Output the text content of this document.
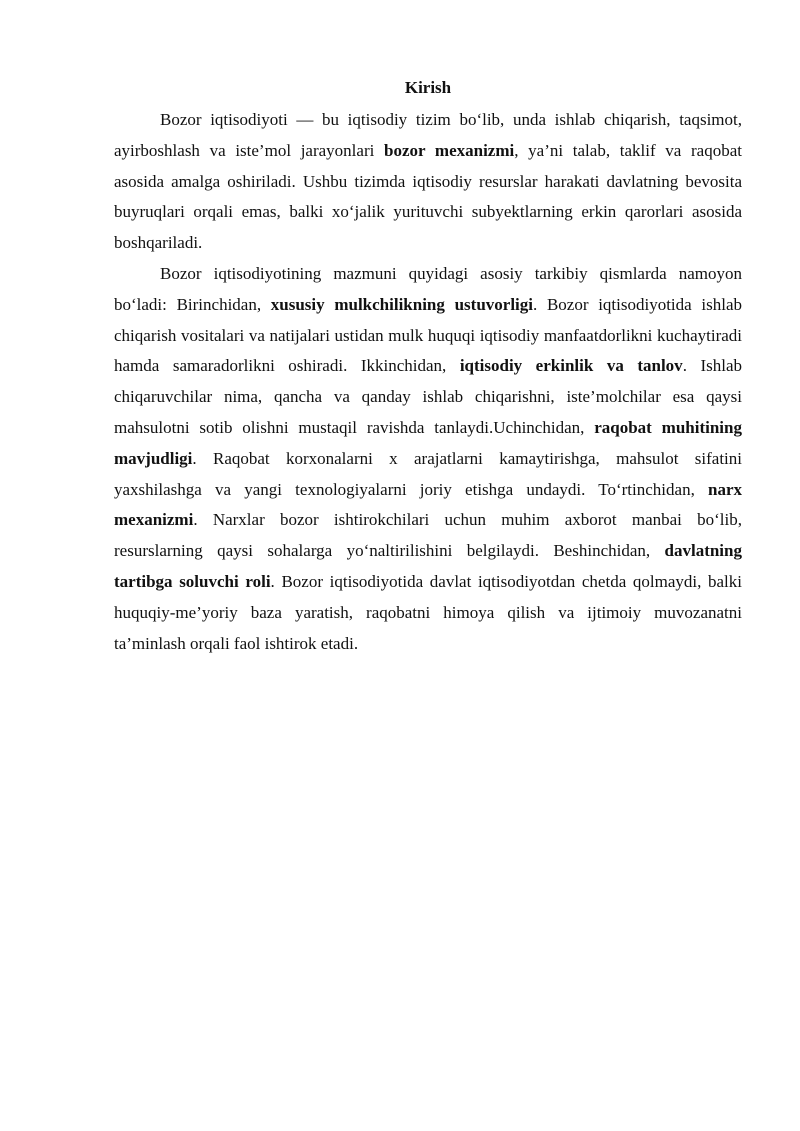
Kirish

Bozor iqtisodiyoti — bu iqtisodiy tizim bo‘lib, unda ishlab chiqarish, taqsimot, ayirboshlash va iste’mol jarayonlari bozor mexanizmi, ya’ni talab, taklif va raqobat asosida amalga oshiriladi. Ushbu tizimda iqtisodiy resurslar harakati davlatning bevosita buyruqlari orqali emas, balki xo‘jalik yurituvchi subyektlarning erkin qarorlari asosida boshqariladi.

Bozor iqtisodiyotining mazmuni quyidagi asosiy tarkibiy qismlarda namoyon bo‘ladi: Birinchidan, xususiy mulkchilikning ustuvorligi. Bozor iqtisodiyotida ishlab chiqarish vositalari va natijalari ustidan mulk huquqi iqtisodiy manfaatdorlikni kuchaytiradi hamda samaradorlikni oshiradi. Ikkinchidan, iqtisodiy erkinlik va tanlov. Ishlab chiqaruvchilar nima, qancha va qanday ishlab chiqarishni, iste’molchilar esa qaysi mahsulotni sotib olishni mustaqil ravishda tanlaydi.Uchinchidan, raqobat muhitining mavjudligi. Raqobat korxonalarni x arajatlarni kamaytirishga, mahsulot sifatini yaxshilashga va yangi texnologiyalarni joriy etishga undaydi. To‘rtinchidan, narx mexanizmi. Narxlar bozor ishtirokchilari uchun muhim axborot manbai bo‘lib, resurslarning qaysi sohalarga yo‘naltirilishini belgilaydi. Beshinchidan, davlatning tartibga soluvchi roli. Bozor iqtisodiyotida davlat iqtisodiyotdan chetda qolmaydi, balki huquqiy-me’yoriy baza yaratish, raqobatni himoya qilish va ijtimoiy muvozanatni ta’minlash orqali faol ishtirok etadi.
